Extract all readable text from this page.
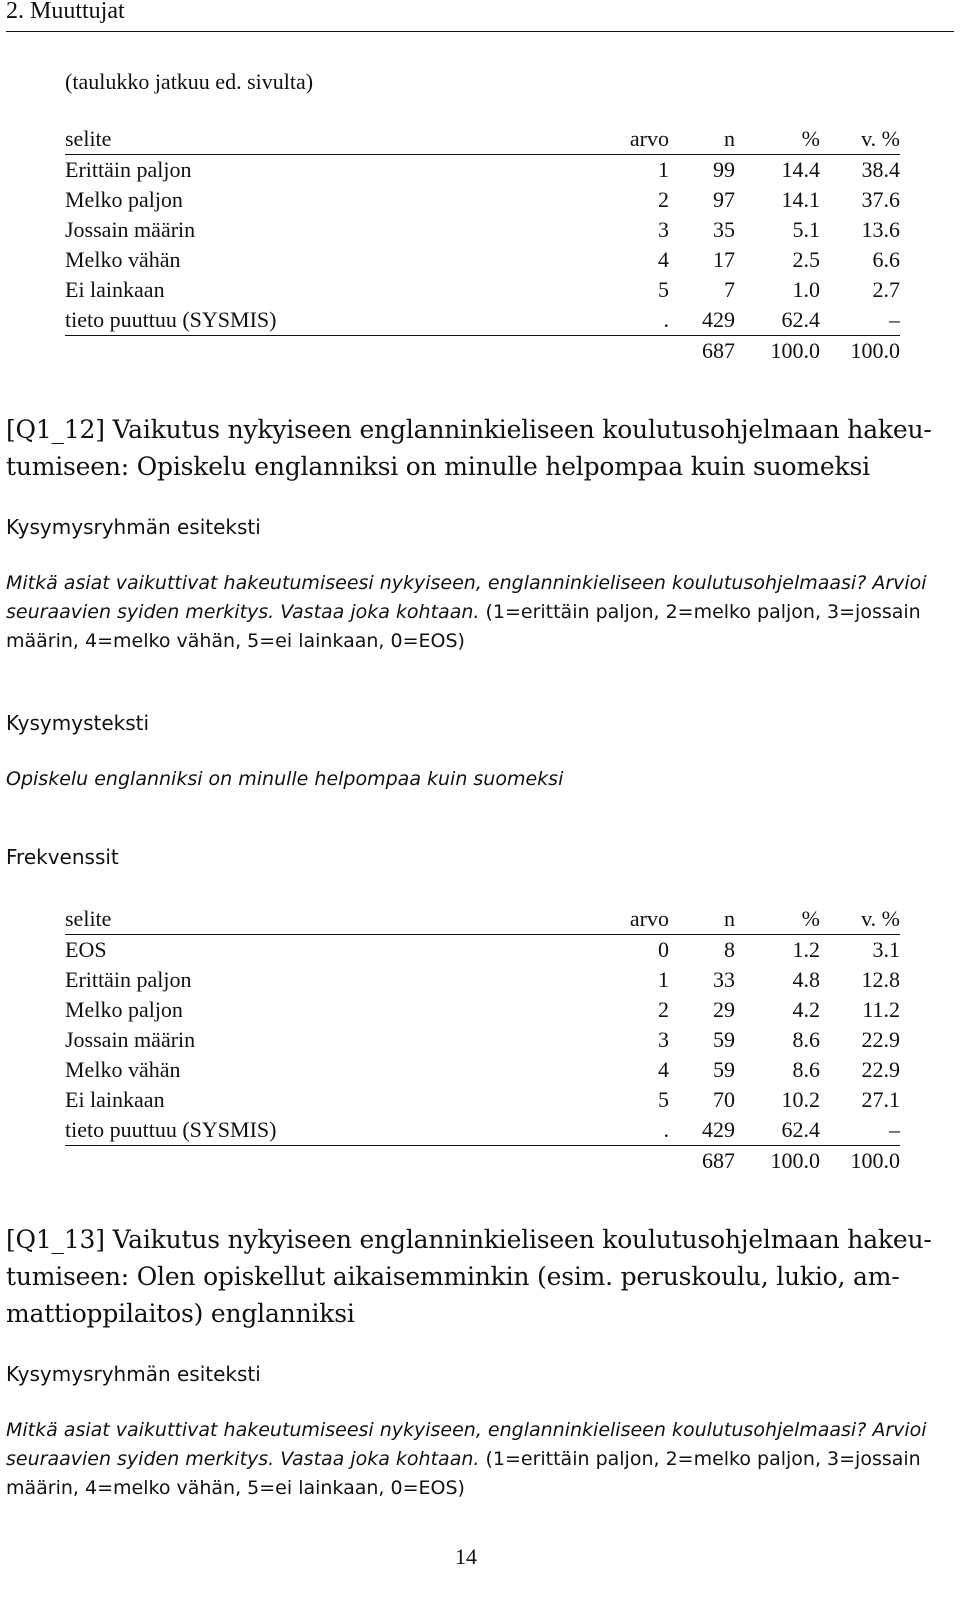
2. Muuttujat
(taulukko jatkuu ed. sivulta)
selite	arvo	n	%	v. %
Erittäin paljon	1	99	14.4	38.4
Melko paljon	2	97	14.1	37.6
Jossain määrin	3	35	5.1	13.6
Melko vähän	4	17	2.5	6.6
Ei lainkaan	5	7	1.0	2.7
tieto puuttuu (SYSMIS)	.	429	62.4	–
		687	100.0	100.0
[Q1_12] Vaikutus nykyiseen englanninkieliseen koulutusohjelmaan hakeu-tumiseen: Opiskelu englanniksi on minulle helpompaa kuin suomeksi
Kysymysryhmän esiteksti
Mitkä asiat vaikuttivat hakeutumiseesi nykyiseen, englanninkieliseen koulutusohjelmaasi? Arvioi seuraavien syiden merkitys. Vastaa joka kohtaan. (1=erittäin paljon, 2=melko paljon, 3=jossain määrin, 4=melko vähän, 5=ei lainkaan, 0=EOS)
Kysymysteksti
Opiskelu englanniksi on minulle helpompaa kuin suomeksi
Frekvenssit
selite	arvo	n	%	v. %
EOS	0	8	1.2	3.1
Erittäin paljon	1	33	4.8	12.8
Melko paljon	2	29	4.2	11.2
Jossain määrin	3	59	8.6	22.9
Melko vähän	4	59	8.6	22.9
Ei lainkaan	5	70	10.2	27.1
tieto puuttuu (SYSMIS)	.	429	62.4	–
		687	100.0	100.0
[Q1_13] Vaikutus nykyiseen englanninkieliseen koulutusohjelmaan hakeu-tumiseen: Olen opiskellut aikaisemminkin (esim. peruskoulu, lukio, am-mattioppilaitos) englanniksi
Kysymysryhmän esiteksti
Mitkä asiat vaikuttivat hakeutumiseesi nykyiseen, englanninkieliseen koulutusohjelmaasi? Arvioi seuraavien syiden merkitys. Vastaa joka kohtaan. (1=erittäin paljon, 2=melko paljon, 3=jossain määrin, 4=melko vähän, 5=ei lainkaan, 0=EOS)
14
